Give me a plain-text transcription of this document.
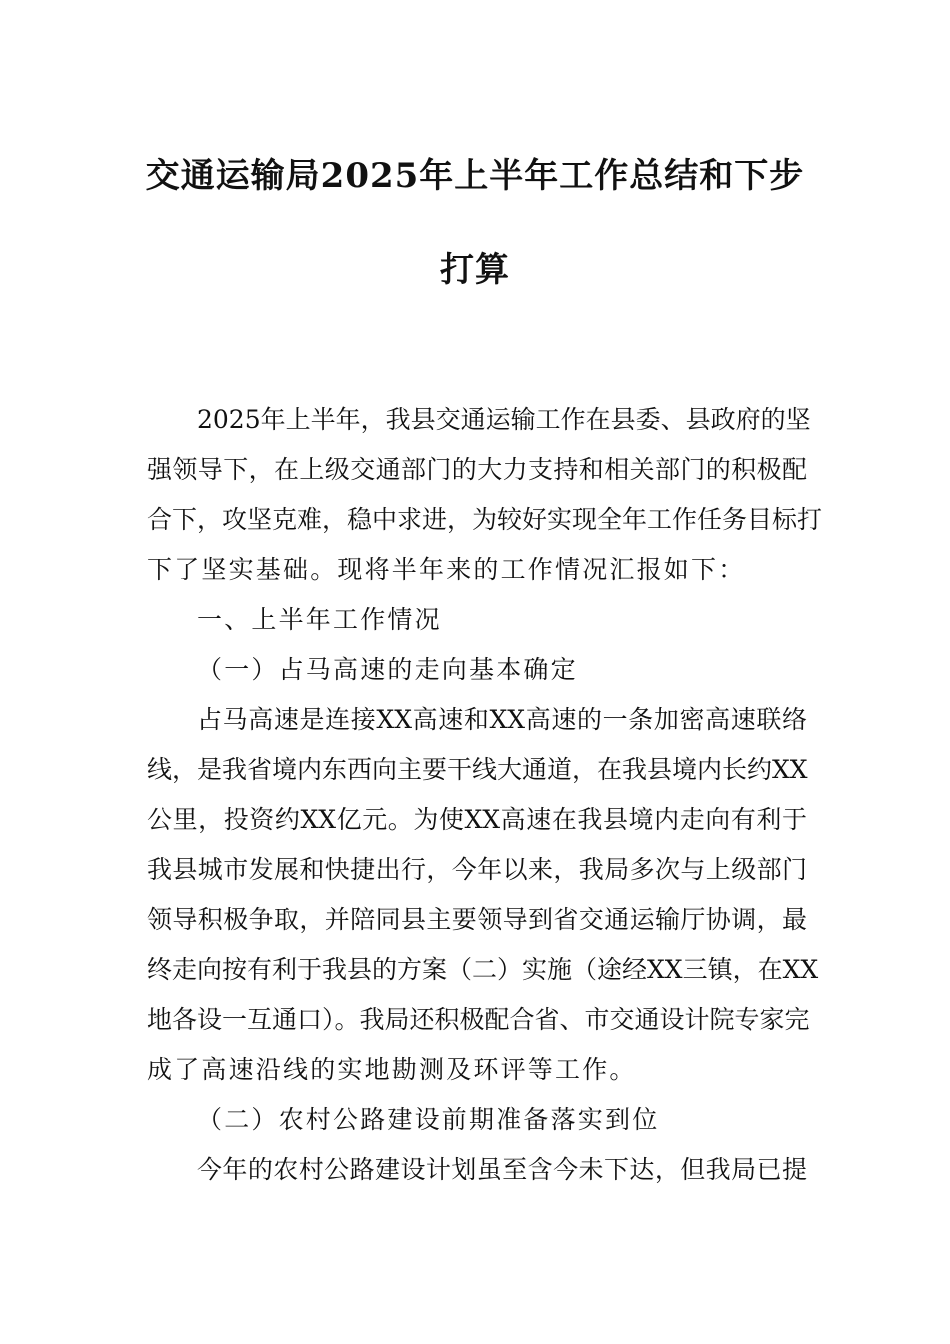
交通运输局2025年上半年工作总结和下步
打算
2025年上半年，我县交通运输工作在县委、县政府的坚
强领导下，在上级交通部门的大力支持和相关部门的积极配
合下，攻坚克难，稳中求进，为较好实现全年工作任务目标打
下了坚实基础。现将半年来的工作情况汇报如下：
一、上半年工作情况
（一）占马高速的走向基本确定
占马高速是连接XX高速和XX高速的一条加密高速联络
线，是我省境内东西向主要干线大通道，在我县境内长约XX
公里，投资约XX亿元。为使XX高速在我县境内走向有利于
我县城市发展和快捷出行，今年以来，我局多次与上级部门
领导积极争取，并陪同县主要领导到省交通运输厅协调，最
终走向按有利于我县的方案（二）实施（途经XX三镇，在XX
地各设一互通口）。我局还积极配合省、市交通设计院专家完
成了高速沿线的实地勘测及环评等工作。
（二）农村公路建设前期准备落实到位
今年的农村公路建设计划虽至含今未下达，但我局已提
